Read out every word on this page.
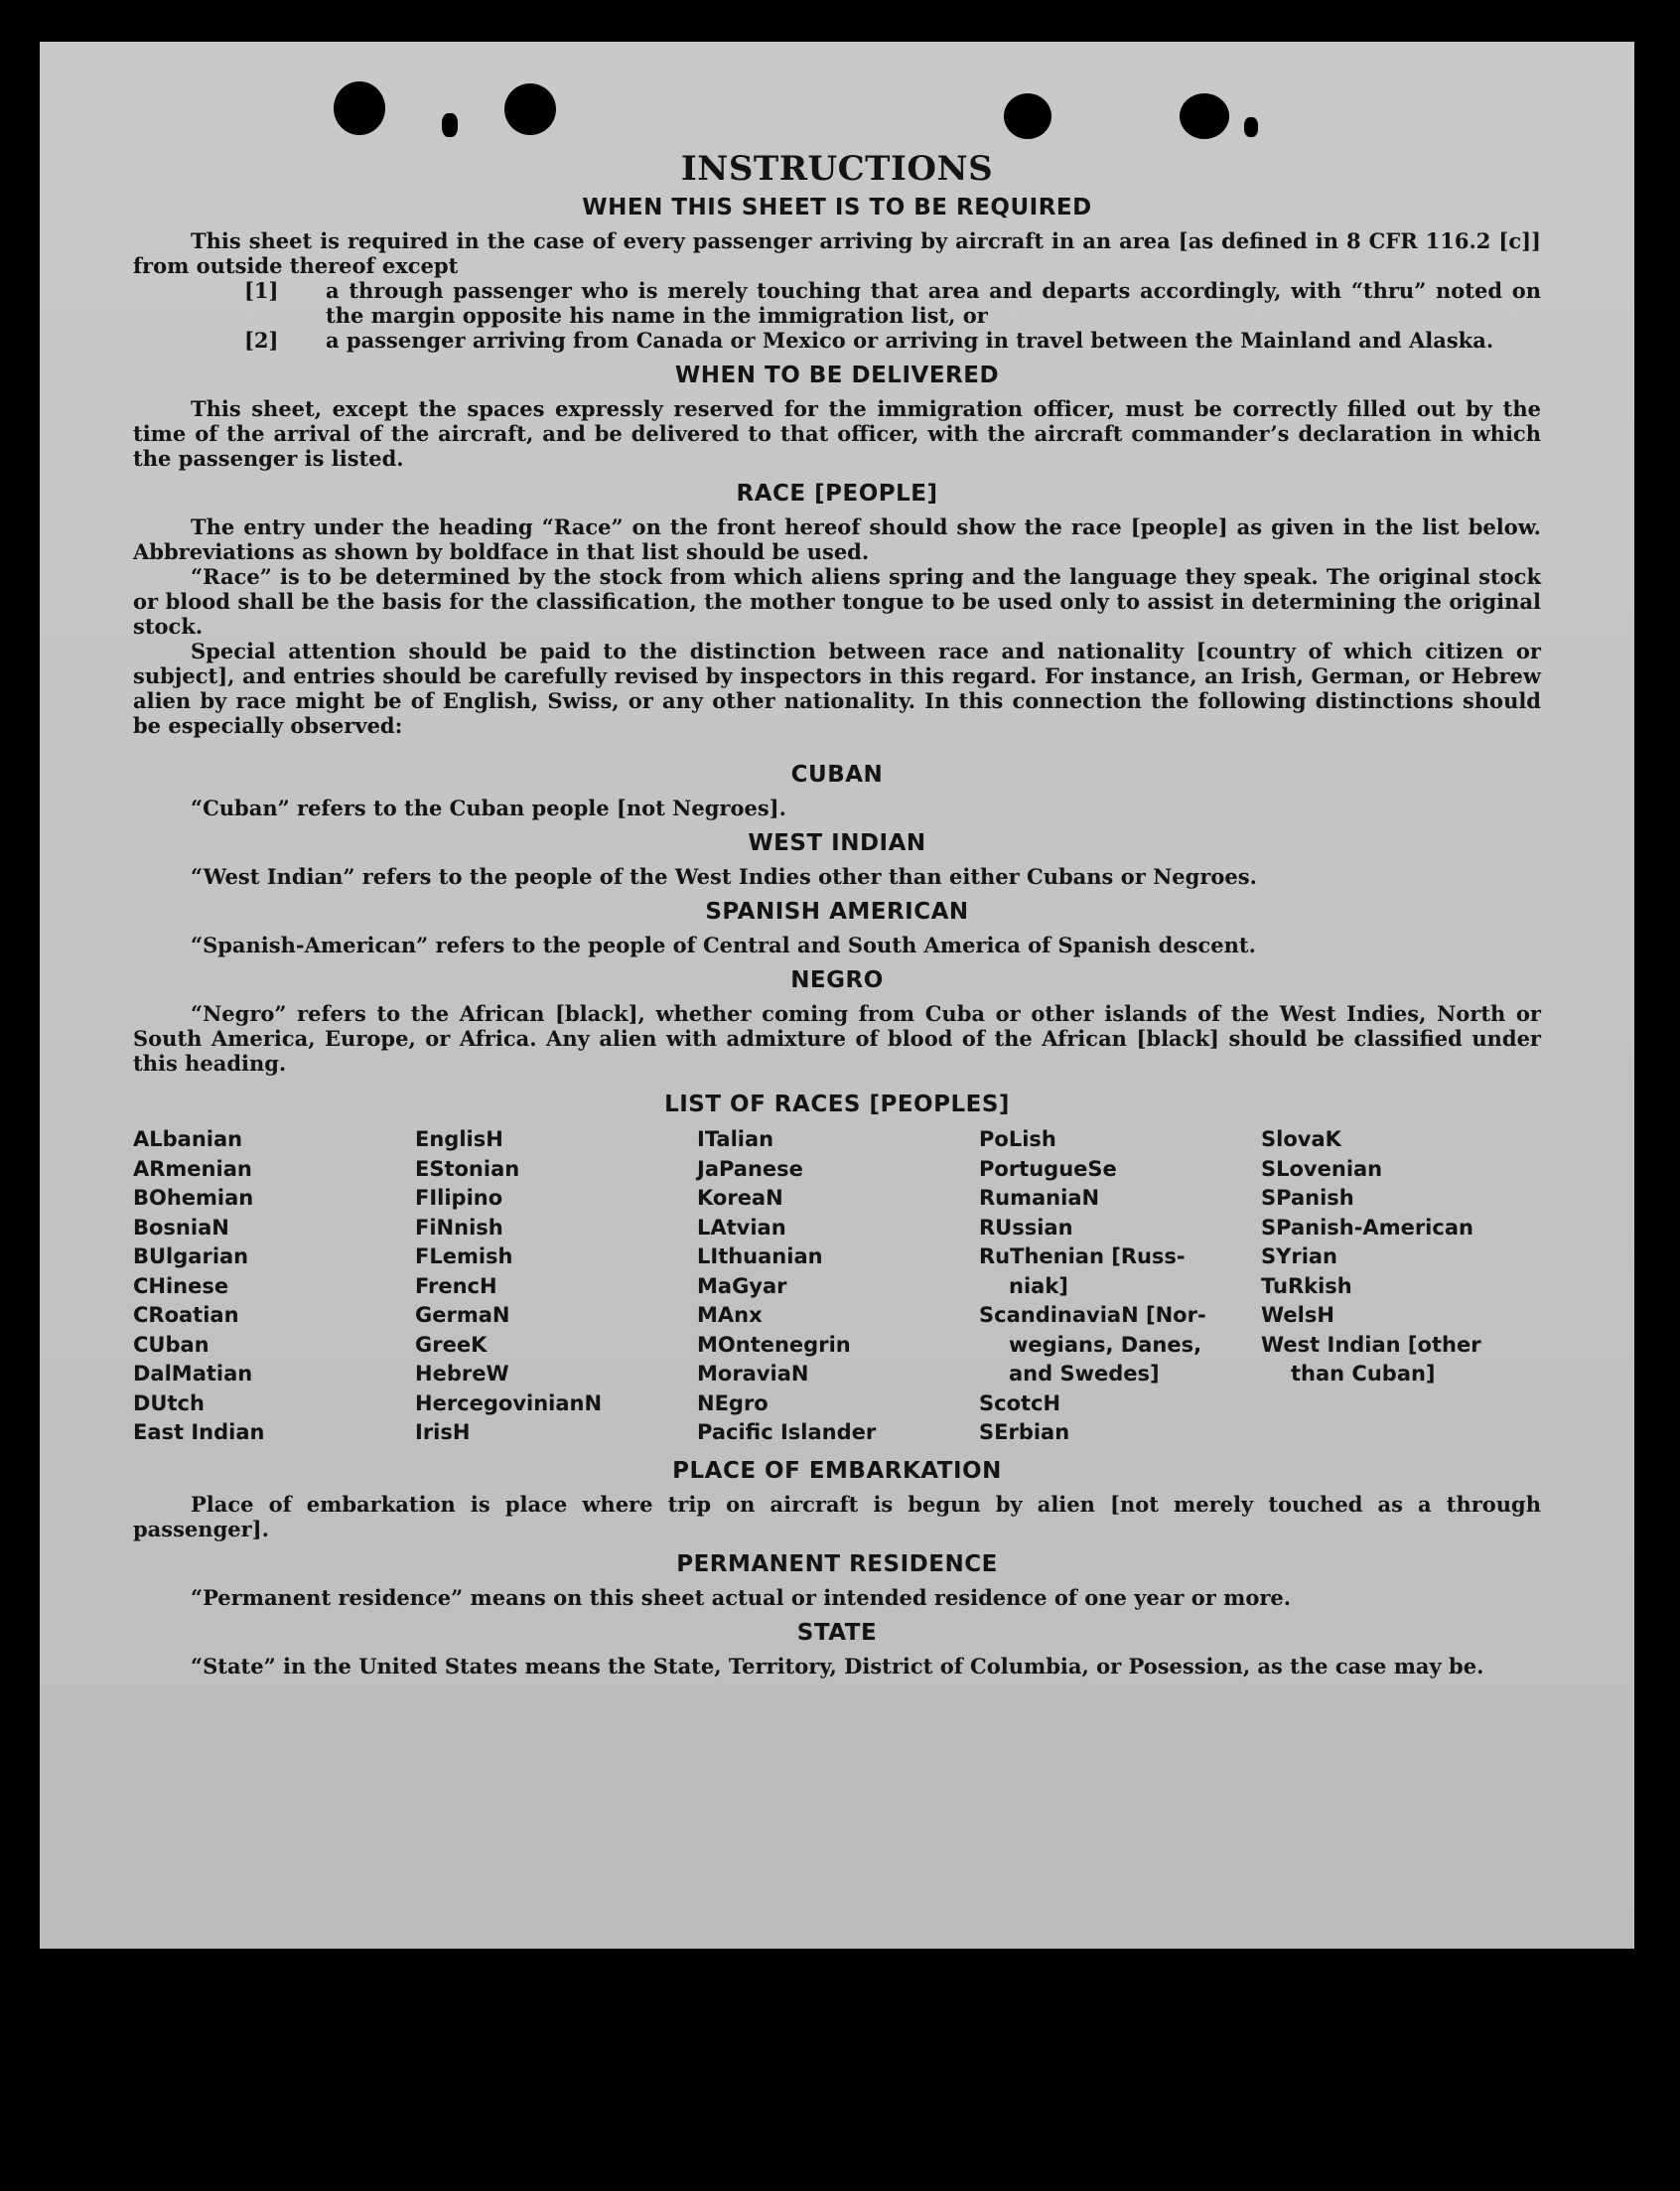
INSTRUCTIONS
WHEN THIS SHEET IS TO BE REQUIRED

This sheet is required in the case of every passenger arriving by aircraft in an area [as defined in 8 CFR 116.2 [c]] from outside thereof except

[1]	a through passenger who is merely touching that area and departs accordingly, with “thru” noted on the margin opposite his name in the immigration list, or
[2]	a passenger arriving from Canada or Mexico or arriving in travel between the Mainland and Alaska.
WHEN TO BE DELIVERED

This sheet, except the spaces expressly reserved for the immigration officer, must be correctly filled out by the time of the arrival of the aircraft, and be delivered to that officer, with the aircraft commander’s declaration in which the passenger is listed.

RACE [PEOPLE]

The entry under the heading “Race” on the front hereof should show the race [people] as given in the list below. Abbreviations as shown by boldface in that list should be used.

“Race” is to be determined by the stock from which aliens spring and the language they speak. The original stock or blood shall be the basis for the classification, the mother tongue to be used only to assist in determining the original stock.

Special attention should be paid to the distinction between race and nationality [country of which citizen or subject], and entries should be carefully revised by inspectors in this regard. For instance, an Irish, German, or Hebrew alien by race might be of English, Swiss, or any other nationality. In this connection the following distinctions should be especially observed:

CUBAN

“Cuban” refers to the Cuban people [not Negroes].

WEST INDIAN

“West Indian” refers to the people of the West Indies other than either Cubans or Negroes.

SPANISH AMERICAN

“Spanish-American” refers to the people of Central and South America of Spanish descent.

NEGRO

“Negro” refers to the African [black], whether coming from Cuba or other islands of the West Indies, North or South America, Europe, or Africa. Any alien with admixture of blood of the African [black] should be classified under this heading.

LIST OF RACES [PEOPLES]
ALbanian
ARmenian
BOhemian
BosniaN
BUlgarian
CHinese
CRoatian
CUban
DalMatian
DUtch
East Indian
EnglisH
EStonian
FIlipino
FiNnish
FLemish
FrencH
GermaN
GreeK
HebreW
HercegovinianN
IrisH
ITalian
JaPanese
KoreaN
LAtvian
LIthuanian
MaGyar
MAnx
MOntenegrin
MoraviaN
NEgro
Pacific Islander
PoLish
PortugueSe
RumaniaN
RUssian
RuThenian [Russ-
niak]
ScandinaviaN [Nor-
wegians, Danes,
and Swedes]
ScotcH
SErbian
SlovaK
SLovenian
SPanish
SPanish-American
SYrian
TuRkish
WelsH
West Indian [other
than Cuban]
PLACE OF EMBARKATION

Place of embarkation is place where trip on aircraft is begun by alien [not merely touched as a through passenger].

PERMANENT RESIDENCE

“Permanent residence” means on this sheet actual or intended residence of one year or more.

STATE

“State” in the United States means the State, Territory, District of Columbia, or Posession, as the case may be.
